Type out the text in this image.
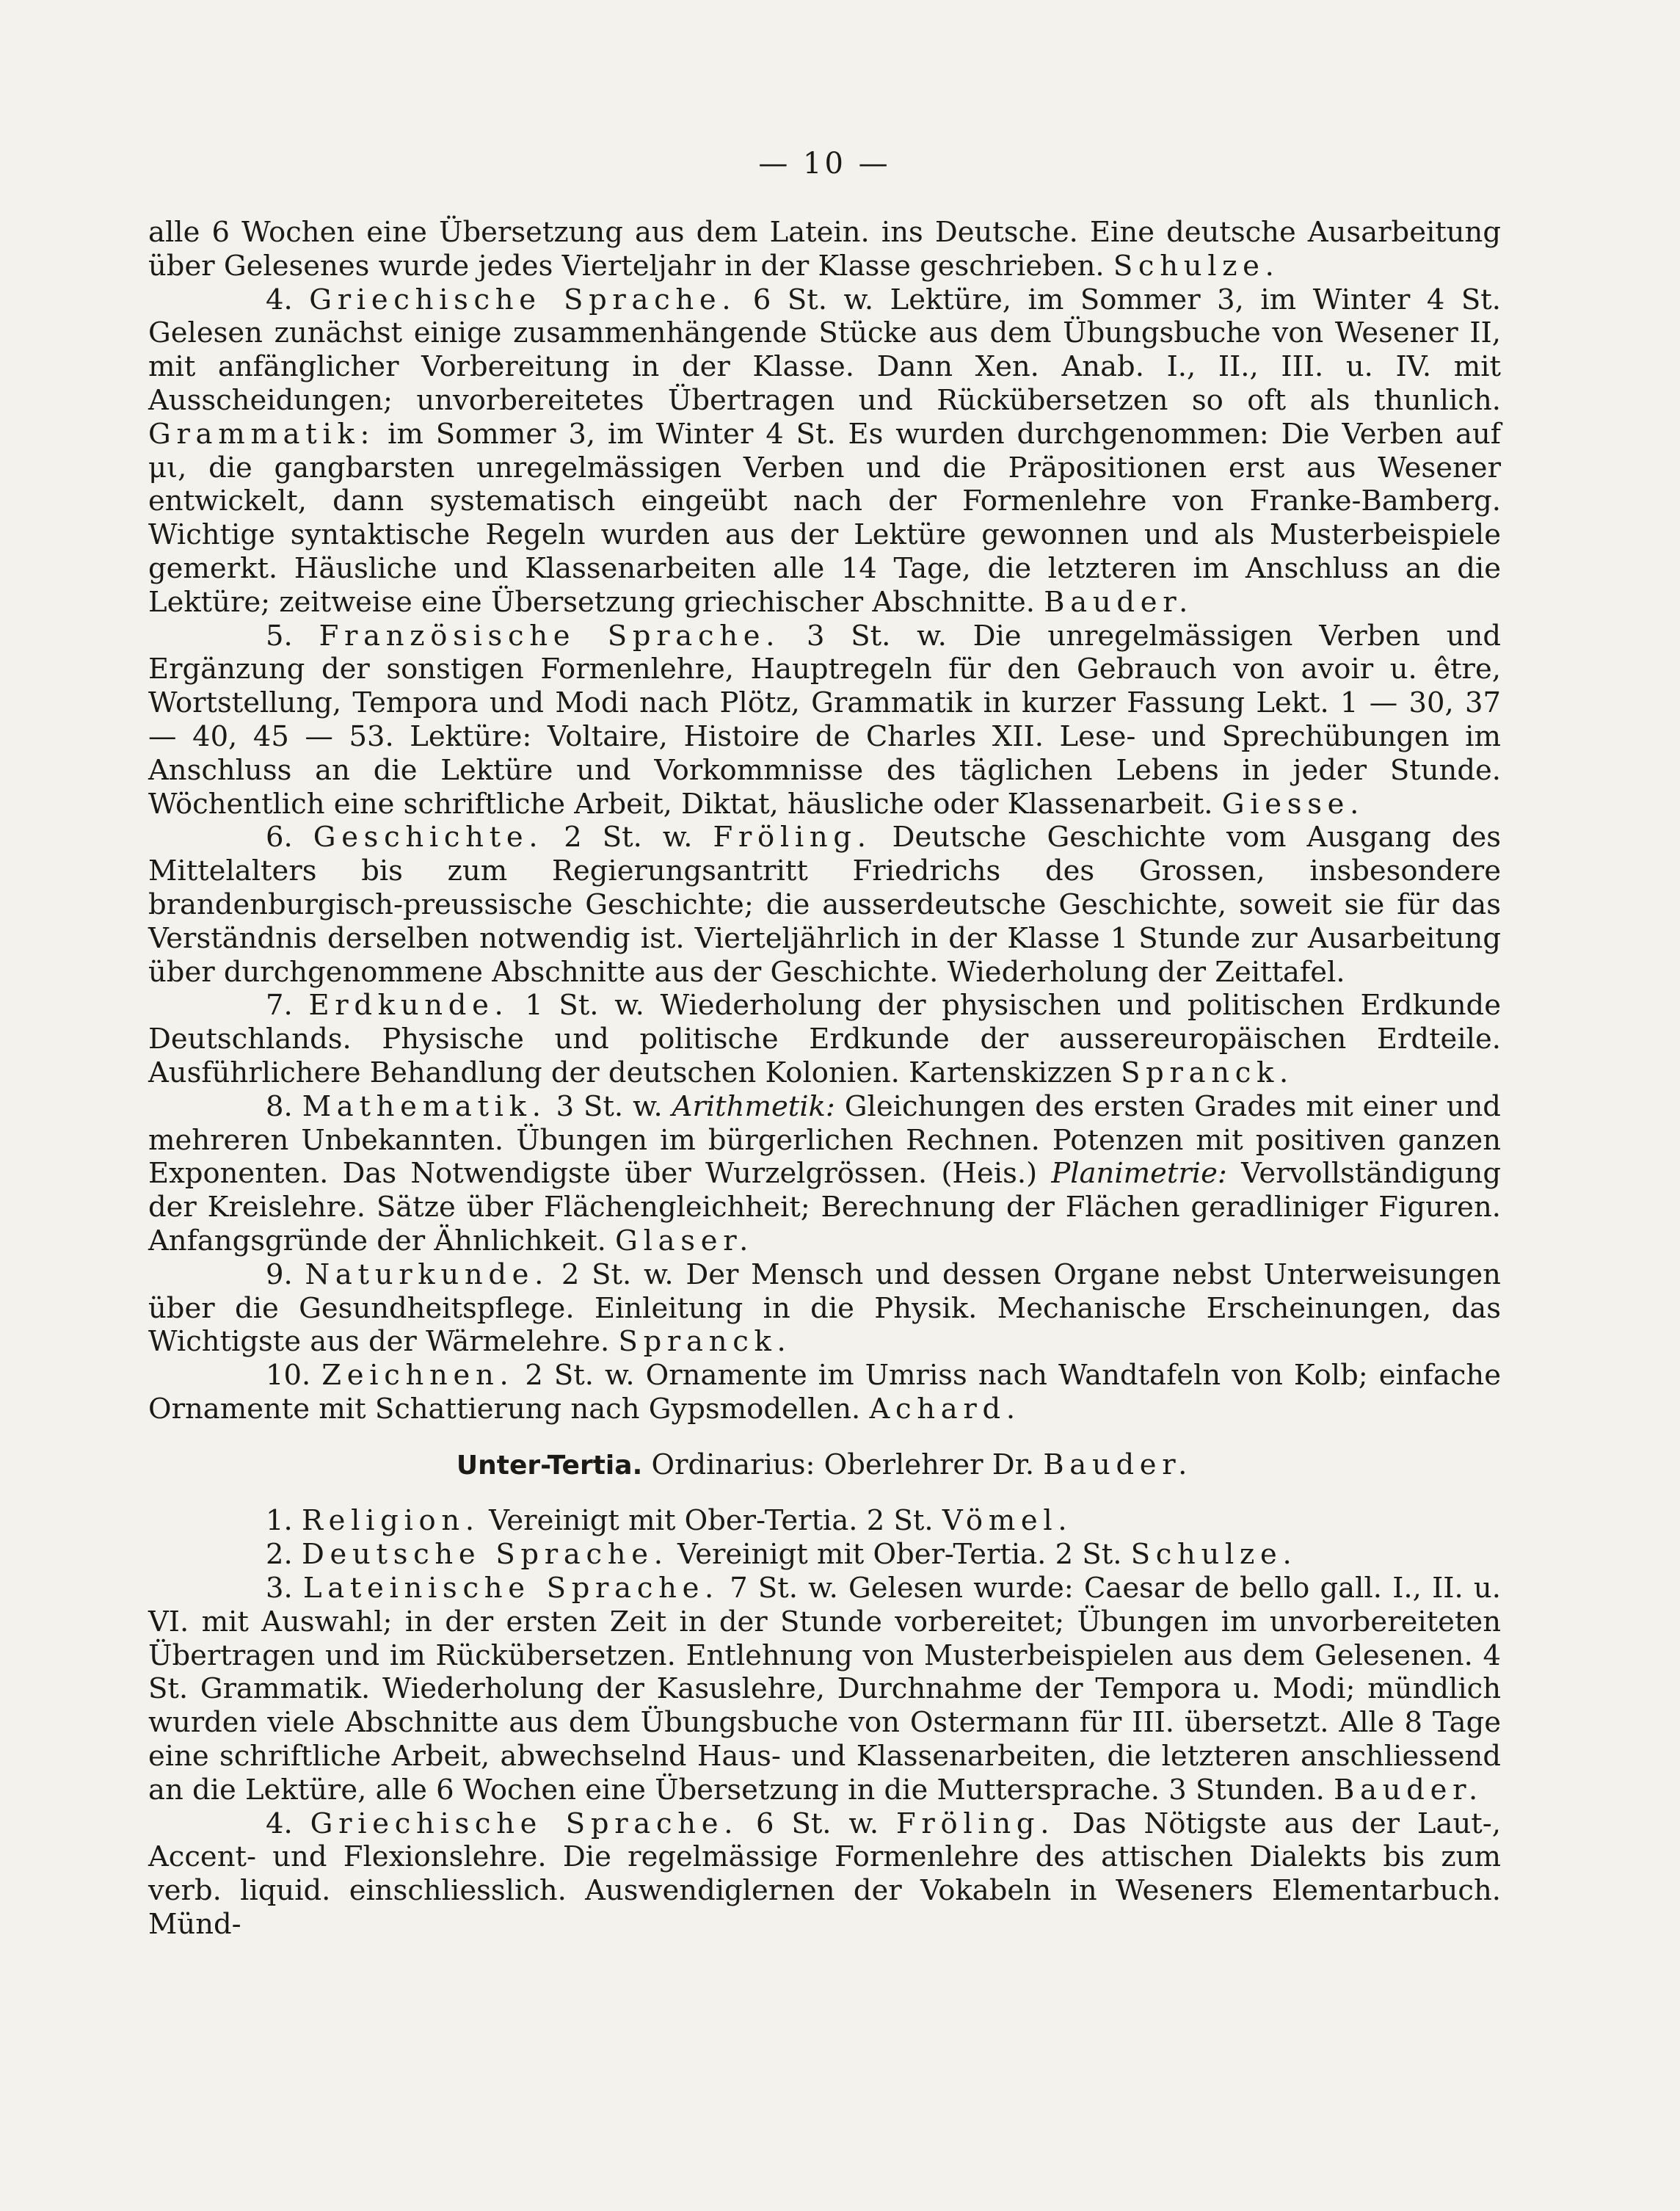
— 10 —

alle 6 Wochen eine Übersetzung aus dem Latein. ins Deutsche. Eine deutsche Ausarbeitung über Gelesenes wurde jedes Vierteljahr in der Klasse geschrieben. Schulze.

4. Griechische Sprache. 6 St. w. Lektüre, im Sommer 3, im Winter 4 St. Gelesen zunächst einige zusammenhängende Stücke aus dem Übungsbuche von Wesener II, mit anfänglicher Vorbereitung in der Klasse. Dann Xen. Anab. I., II., III. u. IV. mit Ausscheidungen; unvorbereitetes Übertragen und Rückübersetzen so oft als thunlich. Grammatik: im Sommer 3, im Winter 4 St. Es wurden durchgenommen: Die Verben auf μι, die gangbarsten unregelmässigen Verben und die Präpositionen erst aus Wesener entwickelt, dann systematisch eingeübt nach der Formenlehre von Franke-Bamberg. Wichtige syntaktische Regeln wurden aus der Lektüre gewonnen und als Musterbeispiele gemerkt. Häusliche und Klassenarbeiten alle 14 Tage, die letzteren im Anschluss an die Lektüre; zeitweise eine Übersetzung griechischer Abschnitte. Bauder.

5. Französische Sprache. 3 St. w. Die unregelmässigen Verben und Ergänzung der sonstigen Formenlehre, Hauptregeln für den Gebrauch von avoir u. être, Wortstellung, Tempora und Modi nach Plötz, Grammatik in kurzer Fassung Lekt. 1 — 30, 37 — 40, 45 — 53. Lektüre: Voltaire, Histoire de Charles XII. Lese- und Sprechübungen im Anschluss an die Lektüre und Vorkommnisse des täglichen Lebens in jeder Stunde. Wöchentlich eine schriftliche Arbeit, Diktat, häusliche oder Klassenarbeit. Giesse.

6. Geschichte. 2 St. w. Fröling. Deutsche Geschichte vom Ausgang des Mittelalters bis zum Regierungsantritt Friedrichs des Grossen, insbesondere brandenburgisch-preussische Geschichte; die ausserdeutsche Geschichte, soweit sie für das Verständnis derselben notwendig ist. Vierteljährlich in der Klasse 1 Stunde zur Ausarbeitung über durchgenommene Abschnitte aus der Geschichte. Wiederholung der Zeittafel.

7. Erdkunde. 1 St. w. Wiederholung der physischen und politischen Erdkunde Deutschlands. Physische und politische Erdkunde der aussereuropäischen Erdteile. Ausführlichere Behandlung der deutschen Kolonien. Kartenskizzen Spranck.

8. Mathematik. 3 St. w. Arithmetik: Gleichungen des ersten Grades mit einer und mehreren Unbekannten. Übungen im bürgerlichen Rechnen. Potenzen mit positiven ganzen Exponenten. Das Notwendigste über Wurzelgrössen. (Heis.) Planimetrie: Vervollständigung der Kreislehre. Sätze über Flächengleichheit; Berechnung der Flächen geradliniger Figuren. Anfangsgründe der Ähnlichkeit. Glaser.

9. Naturkunde. 2 St. w. Der Mensch und dessen Organe nebst Unterweisungen über die Gesundheitspflege. Einleitung in die Physik. Mechanische Erscheinungen, das Wichtigste aus der Wärmelehre. Spranck.

10. Zeichnen. 2 St. w. Ornamente im Umriss nach Wandtafeln von Kolb; einfache Ornamente mit Schattierung nach Gypsmodellen. Achard.

Unter-Tertia. Ordinarius: Oberlehrer Dr. Bauder.

1. Religion. Vereinigt mit Ober-Tertia. 2 St. Vömel.

2. Deutsche Sprache. Vereinigt mit Ober-Tertia. 2 St. Schulze.

3. Lateinische Sprache. 7 St. w. Gelesen wurde: Caesar de bello gall. I., II. u. VI. mit Auswahl; in der ersten Zeit in der Stunde vorbereitet; Übungen im unvorbereiteten Übertragen und im Rückübersetzen. Entlehnung von Musterbeispielen aus dem Gelesenen. 4 St. Grammatik. Wiederholung der Kasuslehre, Durchnahme der Tempora u. Modi; mündlich wurden viele Abschnitte aus dem Übungsbuche von Ostermann für III. übersetzt. Alle 8 Tage eine schriftliche Arbeit, abwechselnd Haus- und Klassenarbeiten, die letzteren anschliessend an die Lektüre, alle 6 Wochen eine Übersetzung in die Muttersprache. 3 Stunden. Bauder.

4. Griechische Sprache. 6 St. w. Fröling. Das Nötigste aus der Laut-, Accent- und Flexionslehre. Die regelmässige Formenlehre des attischen Dialekts bis zum verb. liquid. einschliesslich. Auswendiglernen der Vokabeln in Weseners Elementarbuch. Münd-
